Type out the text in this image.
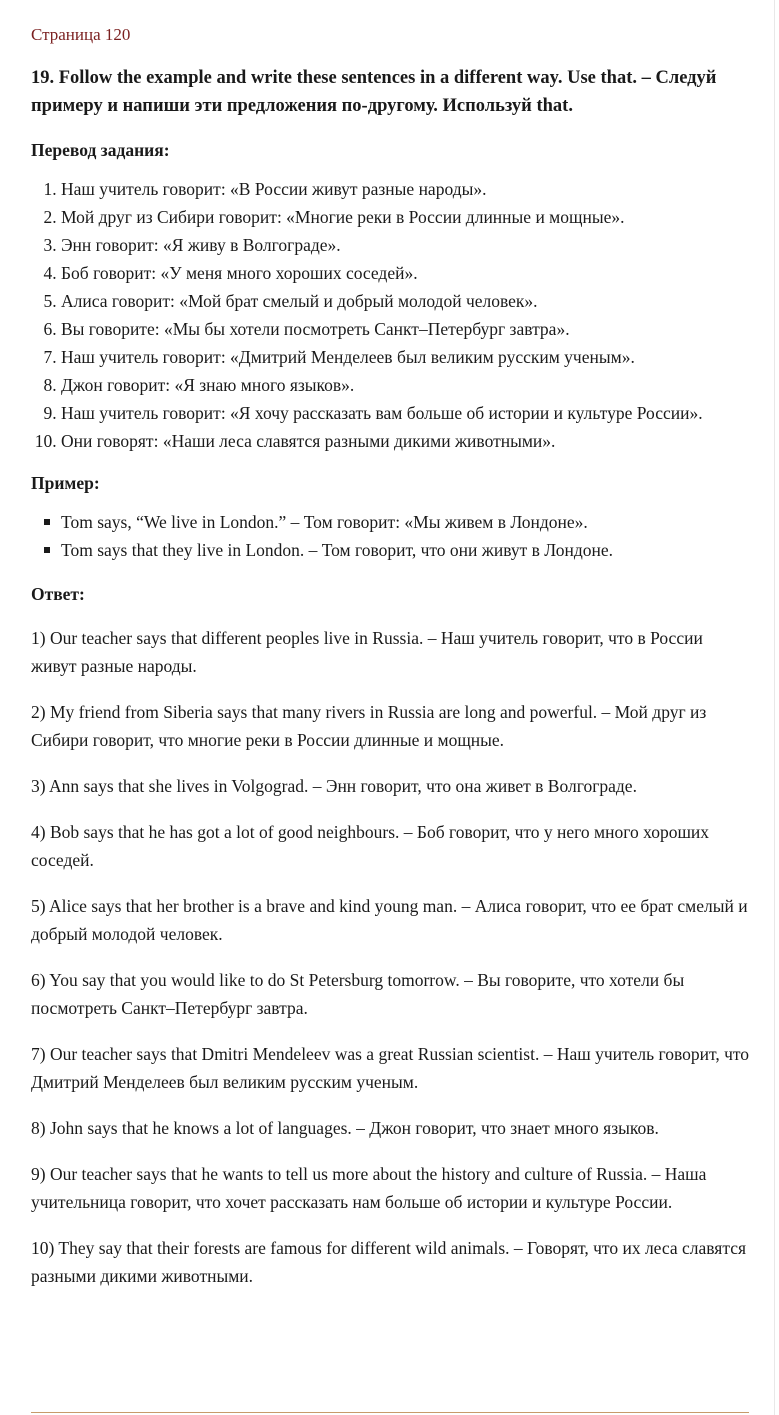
Страница 120
19. Follow the example and write these sentences in a different way. Use that. – Следуй примеру и напиши эти предложения по-другому. Используй that.
Перевод задания:
1. Наш учитель говорит: «В России живут разные народы».
2. Мой друг из Сибири говорит: «Многие реки в России длинные и мощные».
3. Энн говорит: «Я живу в Волгограде».
4. Боб говорит: «У меня много хороших соседей».
5. Алиса говорит: «Мой брат смелый и добрый молодой человек».
6. Вы говорите: «Мы бы хотели посмотреть Санкт–Петербург завтра».
7. Наш учитель говорит: «Дмитрий Менделеев был великим русским ученым».
8. Джон говорит: «Я знаю много языков».
9. Наш учитель говорит: «Я хочу рассказать вам больше об истории и культуре России».
10. Они говорят: «Наши леса славятся разными дикими животными».
Пример:
Tom says, “We live in London.” – Том говорит: «Мы живем в Лондоне».
Tom says that they live in London. – Том говорит, что они живут в Лондоне.
Ответ:

1) Our teacher says that different peoples live in Russia. – Наш учитель говорит, что в России живут разные народы.

2) My friend from Siberia says that many rivers in Russia are long and powerful. – Мой друг из Сибири говорит, что многие реки в России длинные и мощные.

3) Ann says that she lives in Volgograd. – Энн говорит, что она живет в Волгограде.

4) Bob says that he has got a lot of good neighbours. – Боб говорит, что у него много хороших соседей.

5) Alice says that her brother is a brave and kind young man. – Алиса говорит, что ее брат смелый и добрый молодой человек.

6) You say that you would like to do St Petersburg tomorrow. – Вы говорите, что хотели бы посмотреть Санкт–Петербург завтра.

7) Our teacher says that Dmitri Mendeleev was a great Russian scientist. – Наш учитель говорит, что Дмитрий Менделеев был великим русским ученым.

8) John says that he knows a lot of languages. – Джон говорит, что знает много языков.

9) Our teacher says that he wants to tell us more about the history and culture of Russia. – Наша учительница говорит, что хочет рассказать нам больше об истории и культуре России.

10) They say that their forests are famous for different wild animals. – Говорят, что их леса славятся разными дикими животными.
